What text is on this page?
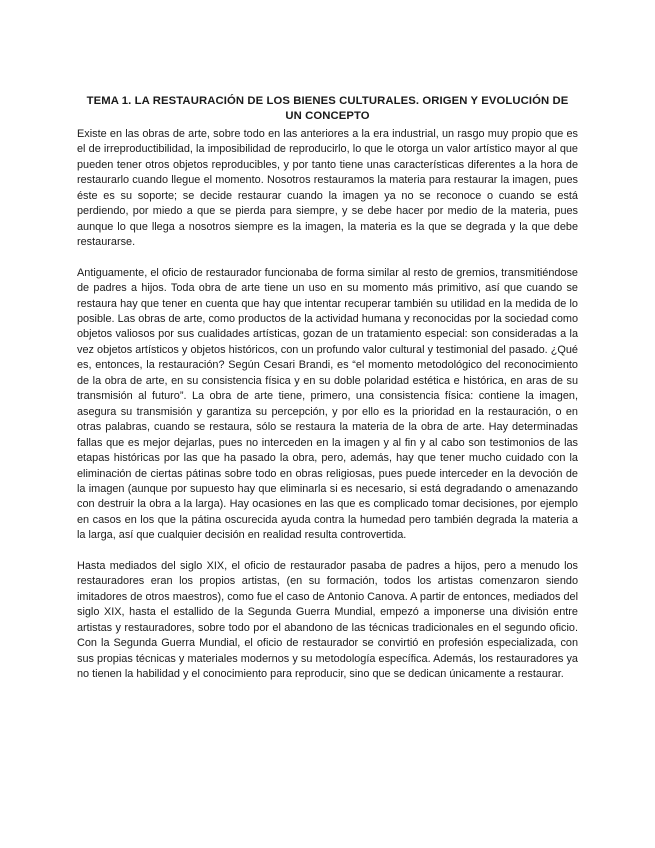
TEMA 1. LA RESTAURACIÓN DE LOS BIENES CULTURALES. ORIGEN Y EVOLUCIÓN DE UN CONCEPTO

Existe en las obras de arte, sobre todo en las anteriores a la era industrial, un rasgo muy propio que es el de irreproductibilidad, la imposibilidad de reproducirlo, lo que le otorga un valor artístico mayor al que pueden tener otros objetos reproducibles, y por tanto tiene unas características diferentes a la hora de restaurarlo cuando llegue el momento. Nosotros restauramos la materia para restaurar la imagen, pues éste es su soporte; se decide restaurar cuando la imagen ya no se reconoce o cuando se está perdiendo, por miedo a que se pierda para siempre, y se debe hacer por medio de la materia, pues aunque lo que llega a nosotros siempre es la imagen, la materia es la que se degrada y la que debe restaurarse.

Antiguamente, el oficio de restaurador funcionaba de forma similar al resto de gremios, transmitiéndose de padres a hijos. Toda obra de arte tiene un uso en su momento más primitivo, así que cuando se restaura hay que tener en cuenta que hay que intentar recuperar también su utilidad en la medida de lo posible. Las obras de arte, como productos de la actividad humana y reconocidas por la sociedad como objetos valiosos por sus cualidades artísticas, gozan de un tratamiento especial: son consideradas a la vez objetos artísticos y objetos históricos, con un profundo valor cultural y testimonial del pasado. ¿Qué es, entonces, la restauración? Según Cesari Brandi, es “el momento metodológico del reconocimiento de la obra de arte, en su consistencia física y en su doble polaridad estética e histórica, en aras de su transmisión al futuro”. La obra de arte tiene, primero, una consistencia física: contiene la imagen, asegura su transmisión y garantiza su percepción, y por ello es la prioridad en la restauración, o en otras palabras, cuando se restaura, sólo se restaura la materia de la obra de arte. Hay determinadas fallas que es mejor dejarlas, pues no interceden en la imagen y al fin y al cabo son testimonios de las etapas históricas por las que ha pasado la obra, pero, además, hay que tener mucho cuidado con la eliminación de ciertas pátinas sobre todo en obras religiosas, pues puede interceder en la devoción de la imagen (aunque por supuesto hay que eliminarla si es necesario, si está degradando o amenazando con destruir la obra a la larga). Hay ocasiones en las que es complicado tomar decisiones, por ejemplo en casos en los que la pátina oscurecida ayuda contra la humedad pero también degrada la materia a la larga, así que cualquier decisión en realidad resulta controvertida.

Hasta mediados del siglo XIX, el oficio de restaurador pasaba de padres a hijos, pero a menudo los restauradores eran los propios artistas, (en su formación, todos los artistas comenzaron siendo imitadores de otros maestros), como fue el caso de Antonio Canova. A partir de entonces, mediados del siglo XIX, hasta el estallido de la Segunda Guerra Mundial, empezó a imponerse una división entre artistas y restauradores, sobre todo por el abandono de las técnicas tradicionales en el segundo oficio. Con la Segunda Guerra Mundial, el oficio de restaurador se convirtió en profesión especializada, con sus propias técnicas y materiales modernos y su metodología específica. Además, los restauradores ya no tienen la habilidad y el conocimiento para reproducir, sino que se dedican únicamente a restaurar.
